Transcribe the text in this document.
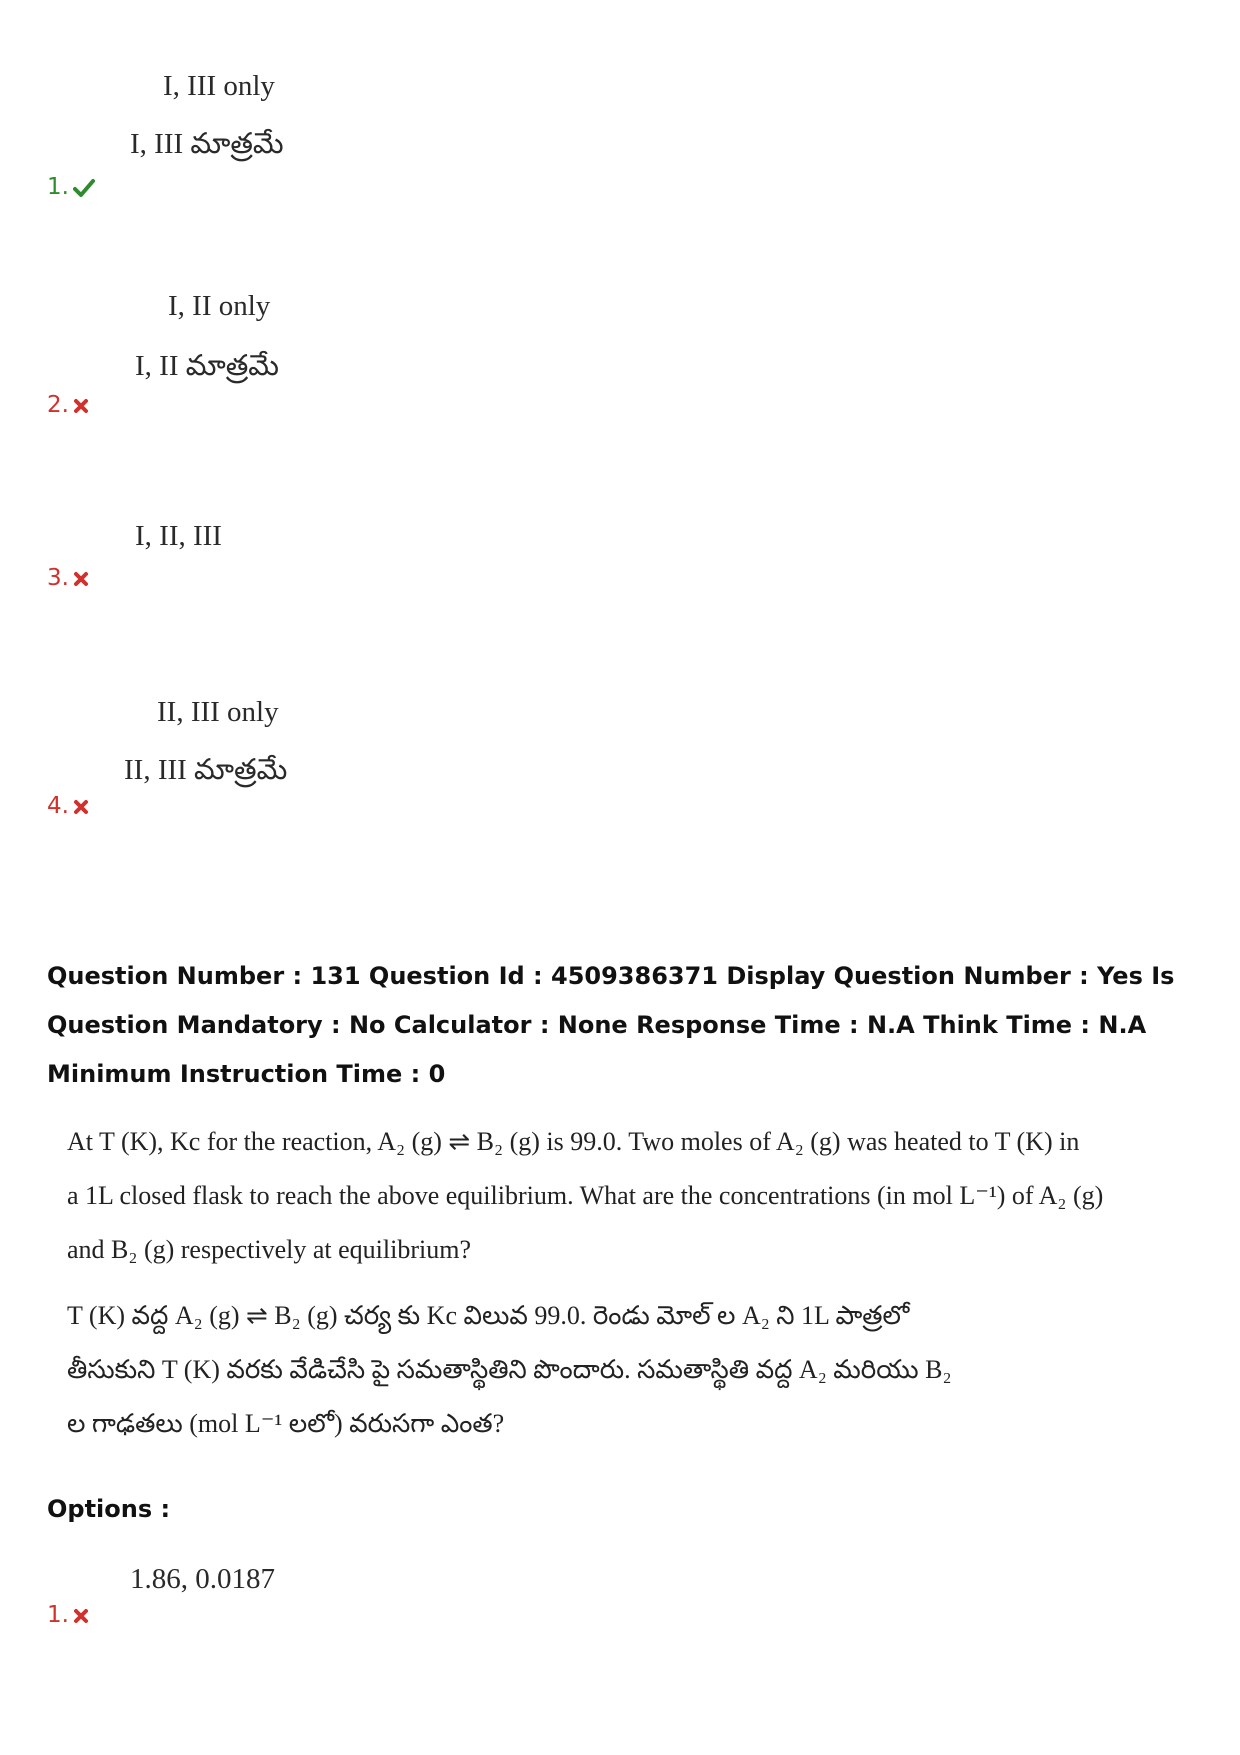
I, III only
I, III మాత్రమే
1.
I, II only
I, II మాత్రమే
2.
I, II, III
3.
II, III only
II, III మాత్రమే
4.
Question Number : 131 Question Id : 4509386371 Display Question Number : Yes Is Question Mandatory : No Calculator : None Response Time : N.A Think Time : N.A Minimum Instruction Time : 0

At T (K), Kc for the reaction, A₂ (g) ⇌ B₂ (g) is 99.0. Two moles of A₂ (g) was heated to T (K) in

a 1L closed flask to reach the above equilibrium. What are the concentrations (in mol L⁻¹) of A₂ (g)

and B₂ (g) respectively at equilibrium?

T (K) వద్ద A₂ (g) ⇌ B₂ (g) చర్య కు Kc విలువ 99.0. రెండు మోల్ ల A₂ ని 1L పాత్రలో

తీసుకుని T (K) వరకు వేడిచేసి పై సమతాస్థితిని పొందారు. సమతాస్థితి వద్ద A₂ మరియు B₂

ల గాఢతలు (mol L⁻¹ లలో) వరుసగా ఎంత?

Options :
1.86, 0.0187
1.
